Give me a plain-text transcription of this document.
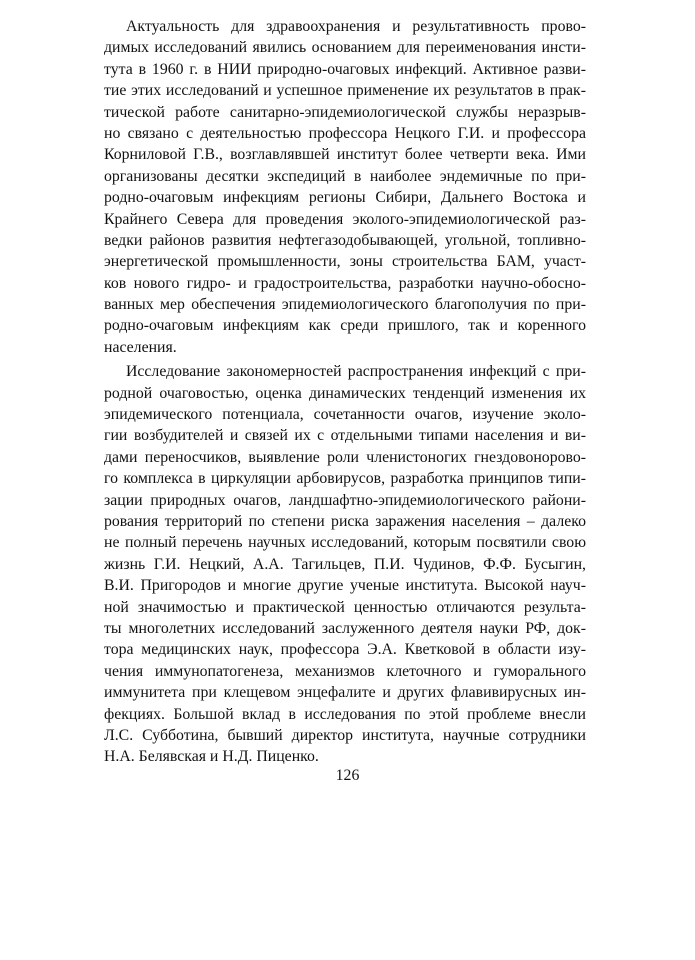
Актуальность для здравоохранения и результативность прово-
димых исследований явились основанием для переименования инсти-
тута в 1960 г. в НИИ природно-очаговых инфекций. Активное разви-
тие этих исследований и успешное применение их результатов в прак-
тической работе санитарно-эпидемиологической службы неразрыв-
но связано с деятельностью профессора Нецкого Г.И. и профессора
Корниловой Г.В., возглавлявшей институт более четверти века. Ими
организованы десятки экспедиций в наиболее эндемичные по при-
родно-очаговым инфекциям регионы Сибири, Дальнего Востока и
Крайнего Севера для проведения эколого-эпидемиологической раз-
ведки районов развития нефтегазодобывающей, угольной, топливно-
энергетической промышленности, зоны строительства БАМ, участ-
ков нового гидро- и градостроительства, разработки научно-обосно-
ванных мер обеспечения эпидемиологического благополучия по при-
родно-очаговым инфекциям как среди пришлого, так и коренного
населения.
Исследование закономерностей распространения инфекций с при-
родной очаговостью, оценка динамических тенденций изменения их
эпидемического потенциала, сочетанности очагов, изучение эколо-
гии возбудителей и связей их с отдельными типами населения и ви-
дами переносчиков, выявление роли членистоногих гнездовонорово-
го комплекса в циркуляции арбовирусов, разработка принципов типи-
зации природных очагов, ландшафтно-эпидемиологического райони-
рования территорий по степени риска заражения населения – далеко
не полный перечень научных исследований, которым посвятили свою
жизнь Г.И. Нецкий, А.А. Тагильцев, П.И. Чудинов, Ф.Ф. Бусыгин,
В.И. Пригородов и многие другие ученые института. Высокой науч-
ной значимостью и практической ценностью отличаются результа-
ты многолетних исследований заслуженного деятеля науки РФ, док-
тора медицинских наук, профессора Э.А. Кветковой в области изу-
чения иммунопатогенеза, механизмов клеточного и гуморального
иммунитета при клещевом энцефалите и других флавивирусных ин-
фекциях. Большой вклад в исследования по этой проблеме внесли
Л.С. Субботина, бывший директор института, научные сотрудники
Н.А. Белявская и Н.Д. Пиценко.
126
